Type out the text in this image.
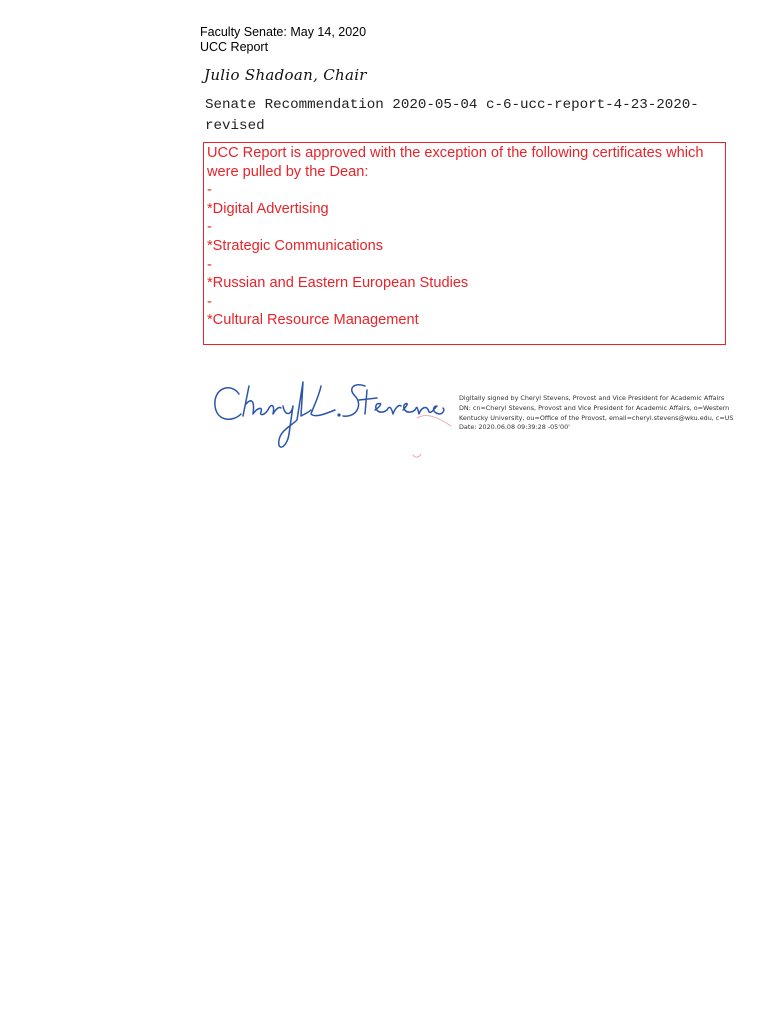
Faculty Senate: May 14, 2020
UCC Report
Julio Shadoan, Chair
Senate Recommendation 2020-05-04 c-6-ucc-report-4-23-2020-
revised
UCC Report is approved with the exception of the following certificates which were pulled by the Dean:
-
*Digital Advertising
-
*Strategic Communications
-
*Russian and Eastern European Studies
-
*Cultural Resource Management
Digitally signed by Cheryl Stevens, Provost and Vice President for Academic Affairs
DN: cn=Cheryl Stevens, Provost and Vice President for Academic Affairs, o=Western
Kentucky University, ou=Office of the Provost, email=cheryl.stevens@wku.edu, c=US
Date: 2020.06.08 09:39:28 -05'00'
